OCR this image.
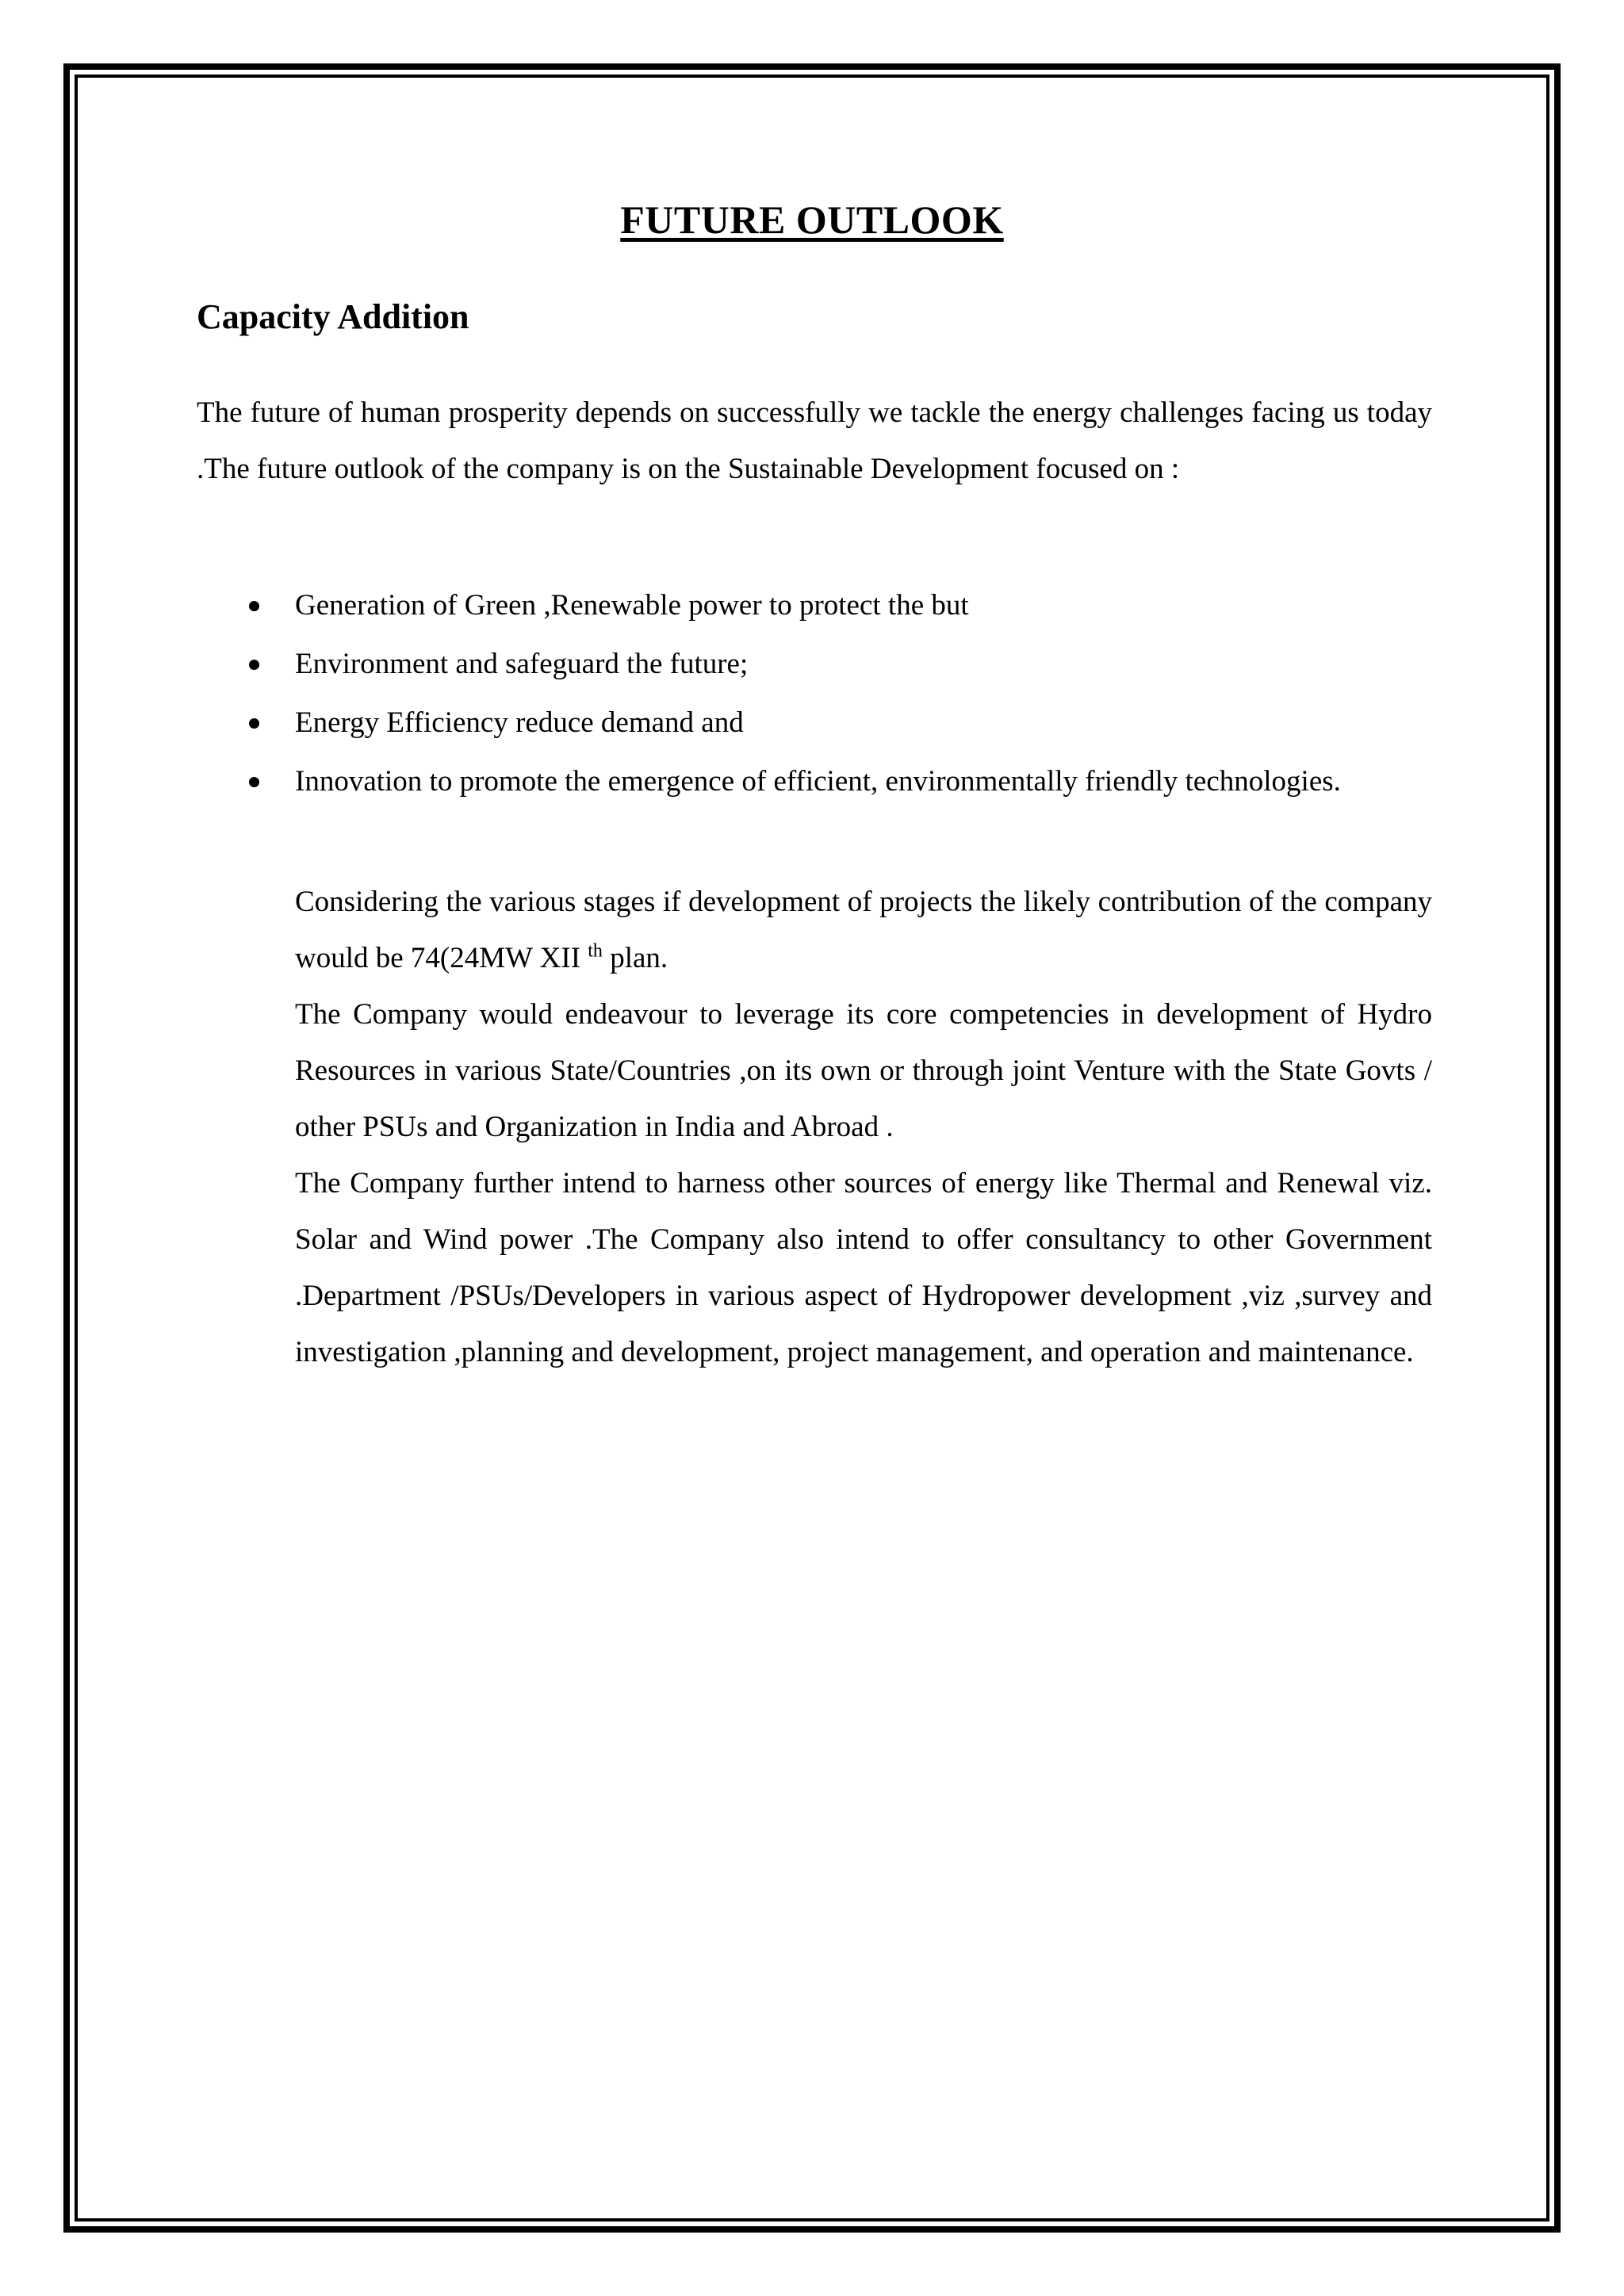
FUTURE OUTLOOK
Capacity Addition
The future of human prosperity depends on successfully we tackle the energy challenges facing us today .The future outlook of the company is on the Sustainable Development focused on :
Generation of Green ,Renewable power to protect the but
Environment and safeguard the future;
Energy Efficiency reduce demand and
Innovation to promote the emergence of efficient, environmentally friendly technologies.

Considering the various stages if development of projects the likely contribution of the company would be 74(24MW XII $^{th}$ plan.

The Company would endeavour to leverage its core competencies in development of Hydro Resources in various State/Countries ,on its own or through joint Venture with the State Govts / other PSUs and Organization in India and Abroad .

The Company further intend to harness other sources of energy like Thermal and Renewal viz. Solar and Wind power .The Company also intend to offer consultancy to other Government .Department /PSUs/Developers in various aspect of Hydropower development ,viz ,survey and investigation ,planning and development, project management, and operation and maintenance.
